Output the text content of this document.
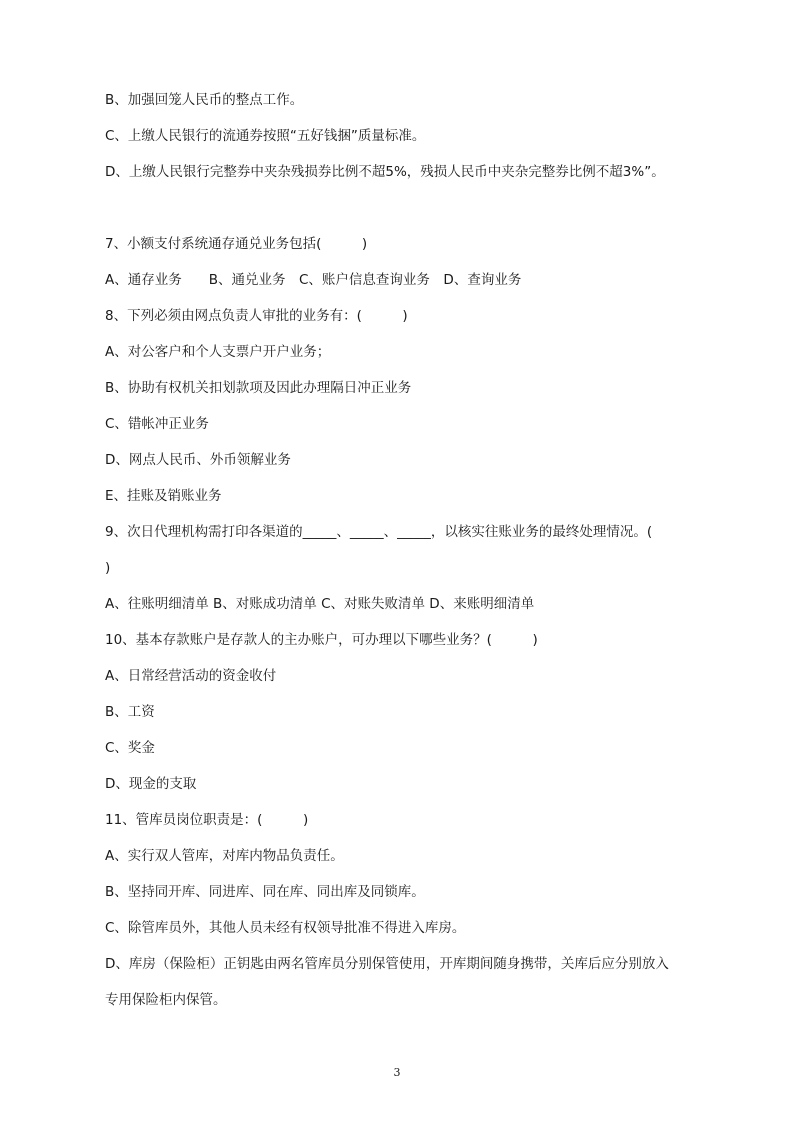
B、加强回笼人民币的整点工作。
C、上缴人民银行的流通券按照“五好钱捆”质量标准。
D、上缴人民银行完整券中夹杂残损券比例不超5%，残损人民币中夹杂完整券比例不超3%”。
7、小额支付系统通存通兑业务包括(　　　)
A、通存业务　　B、通兑业务　C、账户信息查询业务　D、查询业务
8、下列必须由网点负责人审批的业务有：(　　　)
A、对公客户和个人支票户开户业务；
B、协助有权机关扣划款项及因此办理隔日冲正业务
C、错帐冲正业务
D、网点人民币、外币领解业务
E、挂账及销账业务
9、次日代理机构需打印各渠道的_____、_____、_____，以核实往账业务的最终处理情况。(
)
A、往账明细清单 B、对账成功清单 C、对账失败清单 D、来账明细清单
10、基本存款账户是存款人的主办账户，可办理以下哪些业务？(　　　)
A、日常经营活动的资金收付
B、工资
C、奖金
D、现金的支取
11、管库员岗位职责是：(　　　)
A、实行双人管库，对库内物品负责任。
B、坚持同开库、同进库、同在库、同出库及同锁库。
C、除管库员外，其他人员未经有权领导批准不得进入库房。
D、库房（保险柜）正钥匙由两名管库员分别保管使用，开库期间随身携带，关库后应分别放入
专用保险柜内保管。
3
